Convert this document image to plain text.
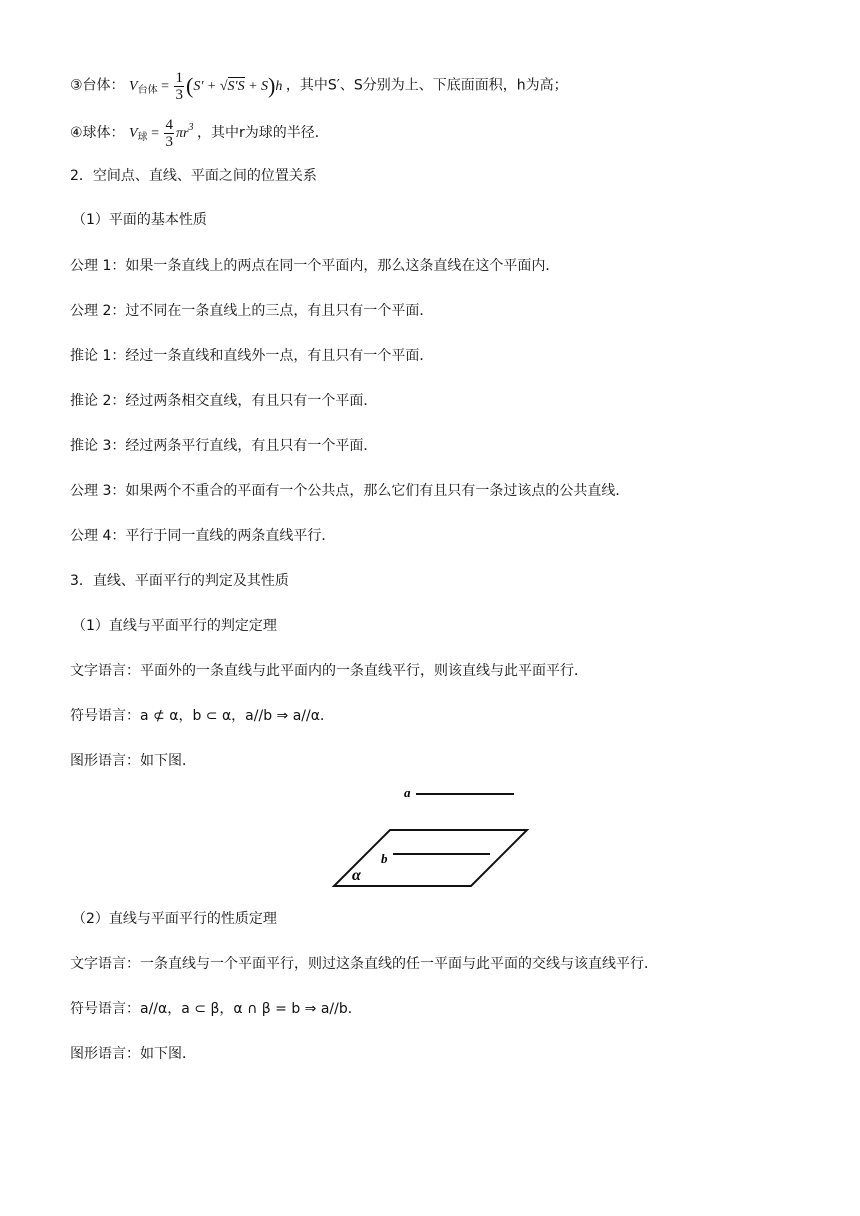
③台体： $V_{台体} = \frac{1}{3} (S' + √S'S + S)h$ ，其中S′、S分别为上、下底面面积，h为高；
④球体： $V_球 = \frac{4}{3} \pi r^3$ ，其中r为球的半径．
2．空间点、直线、平面之间的位置关系
（1）平面的基本性质
公理 1：如果一条直线上的两点在同一个平面内，那么这条直线在这个平面内．
公理 2：过不同在一条直线上的三点，有且只有一个平面．
推论 1：经过一条直线和直线外一点，有且只有一个平面．
推论 2：经过两条相交直线，有且只有一个平面．
推论 3：经过两条平行直线，有且只有一个平面．
公理 3：如果两个不重合的平面有一个公共点，那么它们有且只有一条过该点的公共直线．
公理 4：平行于同一直线的两条直线平行．
3．直线、平面平行的判定及其性质
（1）直线与平面平行的判定定理
文字语言：平面外的一条直线与此平面内的一条直线平行，则该直线与此平面平行．
符号语言：a ⊄ α，b ⊂ α，a//b ⇒ a//α．
图形语言：如下图．
a
b
α
（2）直线与平面平行的性质定理
文字语言：一条直线与一个平面平行，则过这条直线的任一平面与此平面的交线与该直线平行．
符号语言：a//α，a ⊂ β，α ∩ β = b ⇒ a//b．
图形语言：如下图．
